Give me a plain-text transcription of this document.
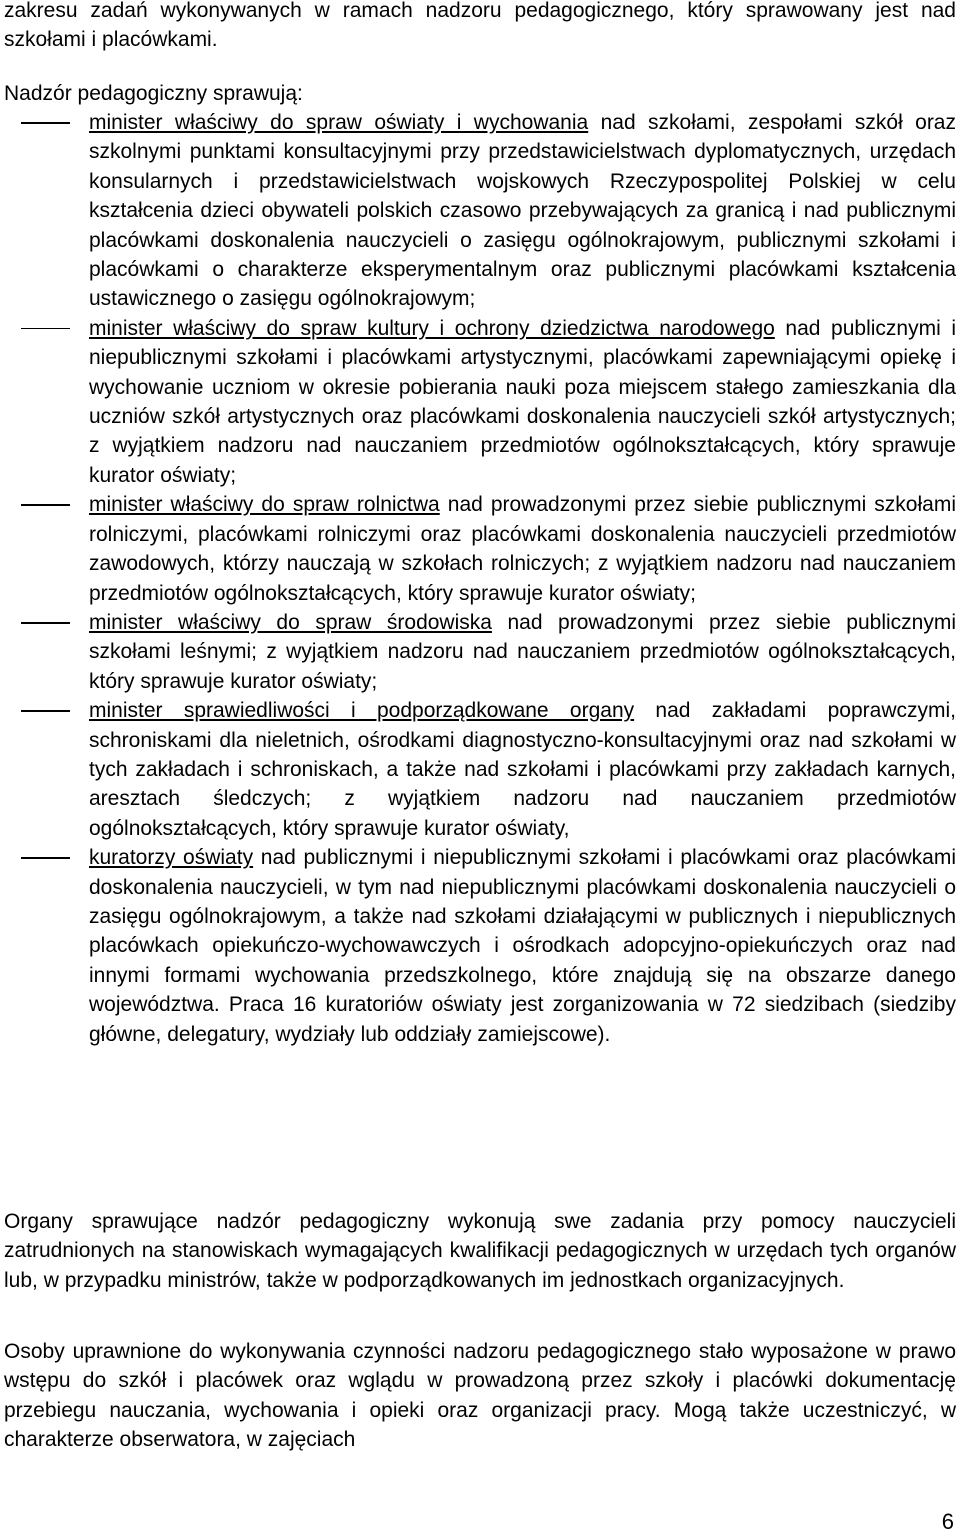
zakresu zadań wykonywanych w ramach nadzoru pedagogicznego, który sprawowany jest nad szkołami i placówkami.

Nadzór pedagogiczny sprawują:

minister właściwy do spraw oświaty i wychowania nad szkołami, zespołami szkół oraz szkolnymi punktami konsultacyjnymi przy przedstawicielstwach dyplomatycznych, urzędach konsularnych i przedstawicielstwach wojskowych Rzeczypospolitej Polskiej w celu kształcenia dzieci obywateli polskich czasowo przebywających za granicą i nad publicznymi placówkami doskonalenia nauczycieli o zasięgu ogólnokrajowym, publicznymi szkołami i placówkami o charakterze eksperymentalnym oraz publicznymi placówkami kształcenia ustawicznego o zasięgu ogólnokrajowym;
minister właściwy do spraw kultury i ochrony dziedzictwa narodowego nad publicznymi i niepublicznymi szkołami i placówkami artystycznymi, placówkami zapewniającymi opiekę i wychowanie uczniom w okresie pobierania nauki poza miejscem stałego zamieszkania dla uczniów szkół artystycznych oraz placówkami doskonalenia nauczycieli szkół artystycznych; z wyjątkiem nadzoru nad nauczaniem przedmiotów ogólnokształcących, który sprawuje kurator oświaty;
minister właściwy do spraw rolnictwa nad prowadzonymi przez siebie publicznymi szkołami rolniczymi, placówkami rolniczymi oraz placówkami doskonalenia nauczycieli przedmiotów zawodowych, którzy nauczają w szkołach rolniczych; z wyjątkiem nadzoru nad nauczaniem przedmiotów ogólnokształcących, który sprawuje kurator oświaty;
minister właściwy do spraw środowiska nad prowadzonymi przez siebie publicznymi szkołami leśnymi; z wyjątkiem nadzoru nad nauczaniem przedmiotów ogólnokształcących, który sprawuje kurator oświaty;
minister sprawiedliwości i podporządkowane organy nad zakładami poprawczymi, schroniskami dla nieletnich, ośrodkami diagnostyczno-konsultacyjnymi oraz nad szkołami w tych zakładach i schroniskach, a także nad szkołami i placówkami przy zakładach karnych, aresztach śledczych; z wyjątkiem nadzoru nad nauczaniem przedmiotów ogólnokształcących, który sprawuje kurator oświaty,
kuratorzy oświaty nad publicznymi i niepublicznymi szkołami i placówkami oraz placówkami doskonalenia nauczycieli, w tym nad niepublicznymi placówkami doskonalenia nauczycieli o zasięgu ogólnokrajowym, a także nad szkołami działającymi w publicznych i niepublicznych placówkach opiekuńczo-wychowawczych i ośrodkach adopcyjno-opiekuńczych oraz nad innymi formami wychowania przedszkolnego, które znajdują się na obszarze danego województwa. Praca 16 kuratoriów oświaty jest zorganizowania w 72 siedzibach (siedziby główne, delegatury, wydziały lub oddziały zamiejscowe).

Organy sprawujące nadzór pedagogiczny wykonują swe zadania przy pomocy nauczycieli zatrudnionych na stanowiskach wymagających kwalifikacji pedagogicznych w urzędach tych organów lub, w przypadku ministrów, także w podporządkowanych im jednostkach organizacyjnych.

Osoby uprawnione do wykonywania czynności nadzoru pedagogicznego stało wyposażone w prawo wstępu do szkół i placówek oraz wglądu w prowadzoną przez szkoły i placówki dokumentację przebiegu nauczania, wychowania i opieki oraz organizacji pracy. Mogą także uczestniczyć, w charakterze obserwatora, w zajęciach

6
